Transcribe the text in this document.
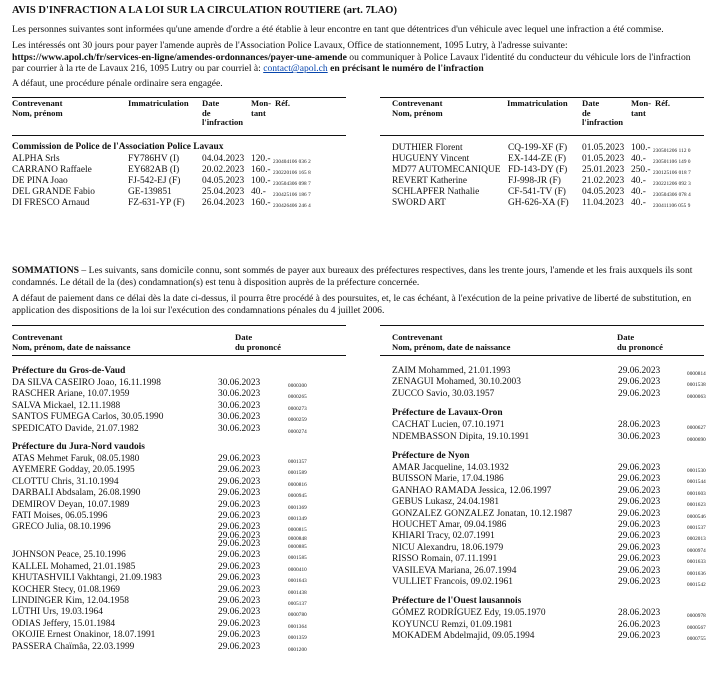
AVIS D'INFRACTION A LA LOI SUR LA CIRCULATION ROUTIERE (art. 7LAO)
Les personnes suivantes sont informées qu'une amende d'ordre a été établie à leur encontre en tant que détentrices d'un véhicule avec lequel une infraction a été commise.
Les intéressés ont 30 jours pour payer l'amende auprès de l'Association Police Lavaux, Office de stationnement, 1095 Lutry, à l'adresse suivante:
https://www.apol.ch/fr/services-en-ligne/amendes-ordonnances/payer-une-amende ou communiquer à Police Lavaux l'identité du conducteur du véhicule lors de l'infraction
par courrier à la rte de Lavaux 216, 1095 Lutry ou par courriel à: contact@apol.ch en précisant le numéro de l'infraction
A défaut, une procédure pénale ordinaire sera engagée.
Contrevenant
Nom, prénom
Immatriculation Date
de
l'infraction
Mon-
tant
Réf.
Commission de Police de l'Association Police Lavaux
ALPHA Srls	FY786HV (I) 04.04.2023 120.- 230404106 036 2
CARRANO Raffaele	EY682AB (I) 20.02.2023 160.- 230220106 165 8
DE PINA Joao	FJ-542-EJ (F) 04.05.2023 100.- 230504306 098 7
DEL GRANDE Fabio	GE-139851	25.04.2023 40.- 230425106 186 7
DI FRESCO Arnaud	FZ-631-YP (F) 26.04.2023 160.- 230426406 246 4
Contrevenant
Nom, prénom
Immatriculation Date
de
l'infraction
Mon-
tant
Réf.
DUTHIER Florent	CQ-199-XF (F) 01.05.2023 100.- 230501206 112 0
HUGUENY Vincent	EX-144-ZE (F) 01.05.2023 40.- 230501106 149 0
MD77 AUTOMECANIQUE FD-143-DY (F) 25.01.2023 250.- 230125106 018 7
REVERT Katherine	FJ-998-JR (F) 21.02.2023 40.- 230221206 092 3
SCHLAPFER Nathalie	CF-541-TV (F) 04.05.2023 40.- 230504306 078 4
SWORD ART	GH-626-XA (F) 11.04.2023 40.- 230411106 055 9
SOMMATIONS – Les suivants, sans domicile connu, sont sommés de payer aux bureaux des préfectures respectives, dans les trente jours, l'amende et les frais auxquels ils sont condamnés. Le détail de la (des) condamnation(s) est tenu à disposition auprès de la préfecture concernée.
A défaut de paiement dans ce délai dès la date ci-dessus, il pourra être procédé à des poursuites, et, le cas échéant, à l'exécution de la peine privative de liberté de substitution, en application des dispositions de la loi sur l'exécution des condamnations pénales du 4 juillet 2006.
Contrevenant
Nom, prénom, date de naissance
Date
du prononcé
Préfecture du Gros-de-Vaud
DA SILVA CASEIRO Joao, 16.11.1998	30.06.2023	0000300
RASCHER Ariane, 10.07.1959	30.06.2023	0000265
SALVA Mickael, 12.11.1988	30.06.2023	0000273
SANTOS FUMEGA Carlos, 30.05.1990	30.06.2023	0000259
SPEDICATO Davide, 21.07.1982	30.06.2023	0000274
Préfecture du Jura-Nord vaudois
ATAS Mehmet Faruk, 08.05.1980	29.06.2023	0001357
AYEMERE Godday, 20.05.1995	29.06.2023	0001589
CLOTTU Chris, 31.10.1994	29.06.2023	0000816
DARBALI Abdsalam, 26.08.1990	29.06.2023	0000945
DEMIROV Deyan, 10.07.1989	29.06.2023	0001369
FATI Moises, 06.05.1996	29.06.2023	0001349
GRECO Julia, 08.10.1996	29.06.2023	0000815
29.06.2023	0000848
29.06.2023	0000885
JOHNSON Peace, 25.10.1996	29.06.2023	0001585
KALLEL Mohamed, 21.01.1985	29.06.2023	0000410
KHUTASHVILI Vakhtangi, 21.09.1983	29.06.2023	0001643
KOCHER Stecy, 01.08.1969	29.06.2023	0001438
LINDINGER Kim, 12.04.1958	29.06.2023	0005137
LÜTHI Urs, 19.03.1964	29.06.2023	0000780
ODIAS Jeffery, 15.01.1984	29.06.2023	0001364
OKOJIE Ernest Onakinor, 18.07.1991	29.06.2023	0001359
PASSERA Chaïmâa, 22.03.1999	29.06.2023	0001200
Contrevenant
Nom, prénom, date de naissance
Date
du prononcé
ZAIM Mohammed, 21.01.1993	29.06.2023	0000814
ZENAGUI Mohamed, 30.10.2003	29.06.2023	0001538
ZUCCO Savio, 30.03.1957	29.06.2023	0000063
Préfecture de Lavaux-Oron
CACHAT Lucien, 07.10.1971	28.06.2023	0000627
NDEMBASSON Dipita, 19.10.1991	30.06.2023	0000690
Préfecture de Nyon
AMAR Jacqueline, 14.03.1932	29.06.2023	0001530
BUISSON Marie, 17.04.1986	29.06.2023	0001544
GANHAO RAMADA Jessica, 12.06.1997	29.06.2023	0001603
GEBUS Lukasz, 24.04.1981	29.06.2023	0001623
GONZALEZ GONZALEZ Jonatan, 10.12.1987	29.06.2023	0000546
HOUCHET Amar, 09.04.1986	29.06.2023	0001537
KHIARI Tracy, 02.07.1991	29.06.2023	0002013
NICU Alexandru, 18.06.1979	29.06.2023	0000974
RISSO Romain, 07.11.1991	29.06.2023	0001633
VASILEVA Mariana, 26.07.1994	29.06.2023	0001636
VULLIET Francois, 09.02.1961	29.06.2023	0001542
Préfecture de l'Ouest lausannois
GÓMEZ RODRÍGUEZ Edy, 19.05.1970	28.06.2023	0000978
KOYUNCU Remzi, 01.09.1981	26.06.2023	0000567
MOKADEM Abdelmajid, 09.05.1994	29.06.2023	0000755
